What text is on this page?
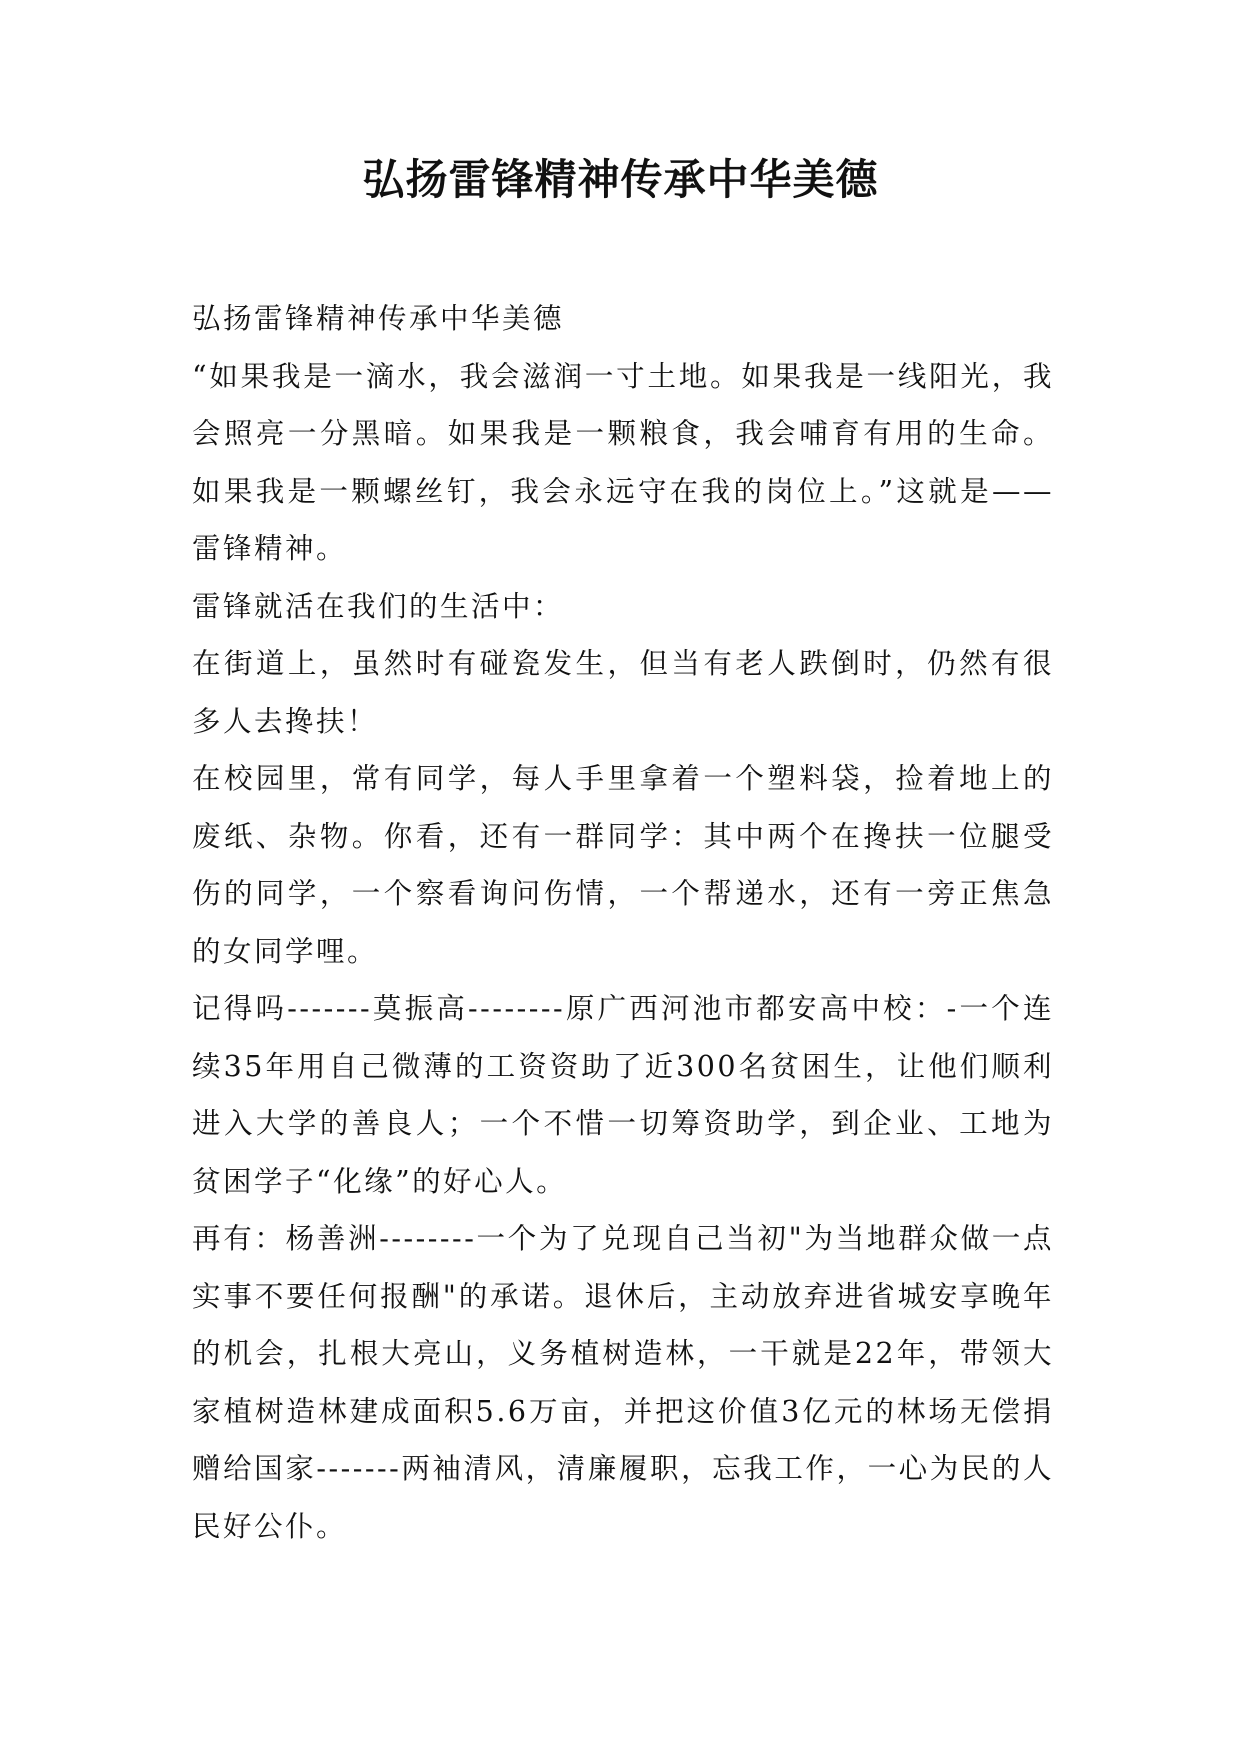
弘扬雷锋精神传承中华美德

弘扬雷锋精神传承中华美德

“如果我是一滴水，我会滋润一寸土地。如果我是一线阳光，我会照亮一分黑暗。如果我是一颗粮食，我会哺育有用的生命。如果我是一颗螺丝钉，我会永远守在我的岗位上。”这就是——雷锋精神。

雷锋就活在我们的生活中：

在街道上，虽然时有碰瓷发生，但当有老人跌倒时，仍然有很多人去搀扶！

在校园里，常有同学，每人手里拿着一个塑料袋，捡着地上的废纸、杂物。你看，还有一群同学：其中两个在搀扶一位腿受伤的同学，一个察看询问伤情，一个帮递水，还有一旁正焦急的女同学哩。

记得吗-------莫振高--------原广西河池市都安高中校：-一个连续35年用自己微薄的工资资助了近300名贫困生，让他们顺利进入大学的善良人；一个不惜一切筹资助学，到企业、工地为贫困学子“化缘”的好心人。

再有：杨善洲--------一个为了兑现自己当初"为当地群众做一点实事不要任何报酬"的承诺。退休后，主动放弃进省城安享晚年的机会，扎根大亮山，义务植树造林，一干就是22年，带领大家植树造林建成面积5.6万亩，并把这价值3亿元的林场无偿捐赠给国家-------两袖清风，清廉履职，忘我工作，一心为民的人民好公仆。
